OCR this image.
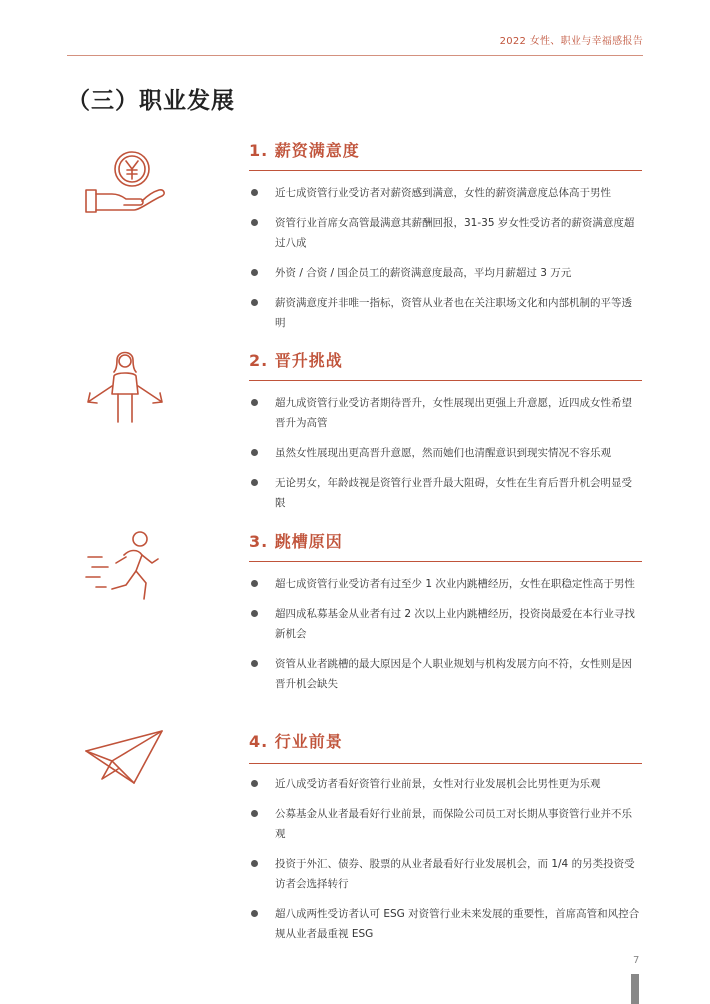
2022 女性、职业与幸福感报告
（三）职业发展
1. 薪资满意度
近七成资管行业受访者对薪资感到满意，女性的薪资满意度总体高于男性
资管行业首席女高管最满意其薪酬回报，31-35 岁女性受访者的薪资满意度超过八成
外资 / 合资 / 国企员工的薪资满意度最高，平均月薪超过 3 万元
薪资满意度并非唯一指标，资管从业者也在关注职场文化和内部机制的平等透明
2. 晋升挑战
超九成资管行业受访者期待晋升，女性展现出更强上升意愿，近四成女性希望晋升为高管
虽然女性展现出更高晋升意愿，然而她们也清醒意识到现实情况不容乐观
无论男女，年龄歧视是资管行业晋升最大阻碍，女性在生育后晋升机会明显受限
3. 跳槽原因
超七成资管行业受访者有过至少 1 次业内跳槽经历，女性在职稳定性高于男性
超四成私募基金从业者有过 2 次以上业内跳槽经历，投资岗最爱在本行业寻找新机会
资管从业者跳槽的最大原因是个人职业规划与机构发展方向不符，女性则是因晋升机会缺失
4. 行业前景
近八成受访者看好资管行业前景，女性对行业发展机会比男性更为乐观
公募基金从业者最看好行业前景，而保险公司员工对长期从事资管行业并不乐观
投资于外汇、债券、股票的从业者最看好行业发展机会，而 1/4 的另类投资受访者会选择转行
超八成两性受访者认可 ESG 对资管行业未来发展的重要性，首席高管和风控合规从业者最重视 ESG
7
